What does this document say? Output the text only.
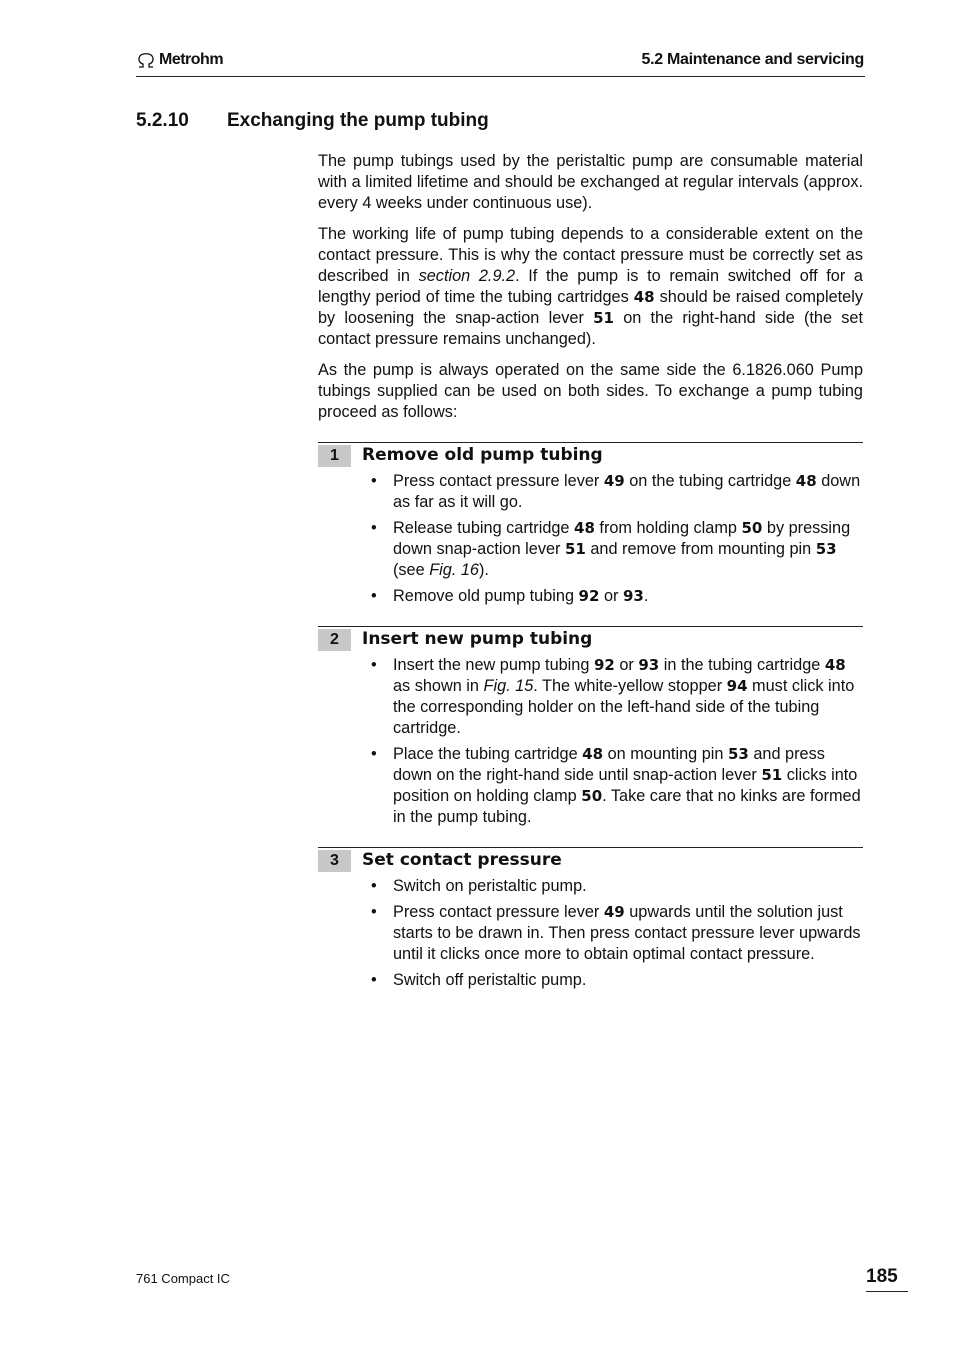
Metrohm	5.2 Maintenance and servicing
5.2.10 Exchanging the pump tubing

The pump tubings used by the peristaltic pump are consumable material with a limited lifetime and should be exchanged at regular intervals (approx. every 4 weeks under continuous use).

The working life of pump tubing depends to a considerable extent on the contact pressure. This is why the contact pressure must be correctly set as described in section 2.9.2. If the pump is to remain switched off for a lengthy period of time the tubing cartridges 48 should be raised completely by loosening the snap-action lever 51 on the right-hand side (the set contact pressure remains unchanged).

As the pump is always operated on the same side the 6.1826.060 Pump tubings supplied can be used on both sides. To exchange a pump tubing proceed as follows:

1	Remove old pump tubing
• Press contact pressure lever 49 on the tubing cartridge 48 down as far as it will go.
• Release tubing cartridge 48 from holding clamp 50 by pressing down snap-action lever 51 and remove from mounting pin 53 (see Fig. 16).
• Remove old pump tubing 92 or 93.
2	Insert new pump tubing
• Insert the new pump tubing 92 or 93 in the tubing cartridge 48 as shown in Fig. 15. The white-yellow stopper 94 must click into the corresponding holder on the left-hand side of the tubing cartridge.
• Place the tubing cartridge 48 on mounting pin 53 and press down on the right-hand side until snap-action lever 51 clicks into position on holding clamp 50. Take care that no kinks are formed in the pump tubing.
3	Set contact pressure
• Switch on peristaltic pump.
• Press contact pressure lever 49 upwards until the solution just starts to be drawn in. Then press contact pressure lever upwards until it clicks once more to obtain optimal contact pressure.
• Switch off peristaltic pump.
761 Compact IC	185
